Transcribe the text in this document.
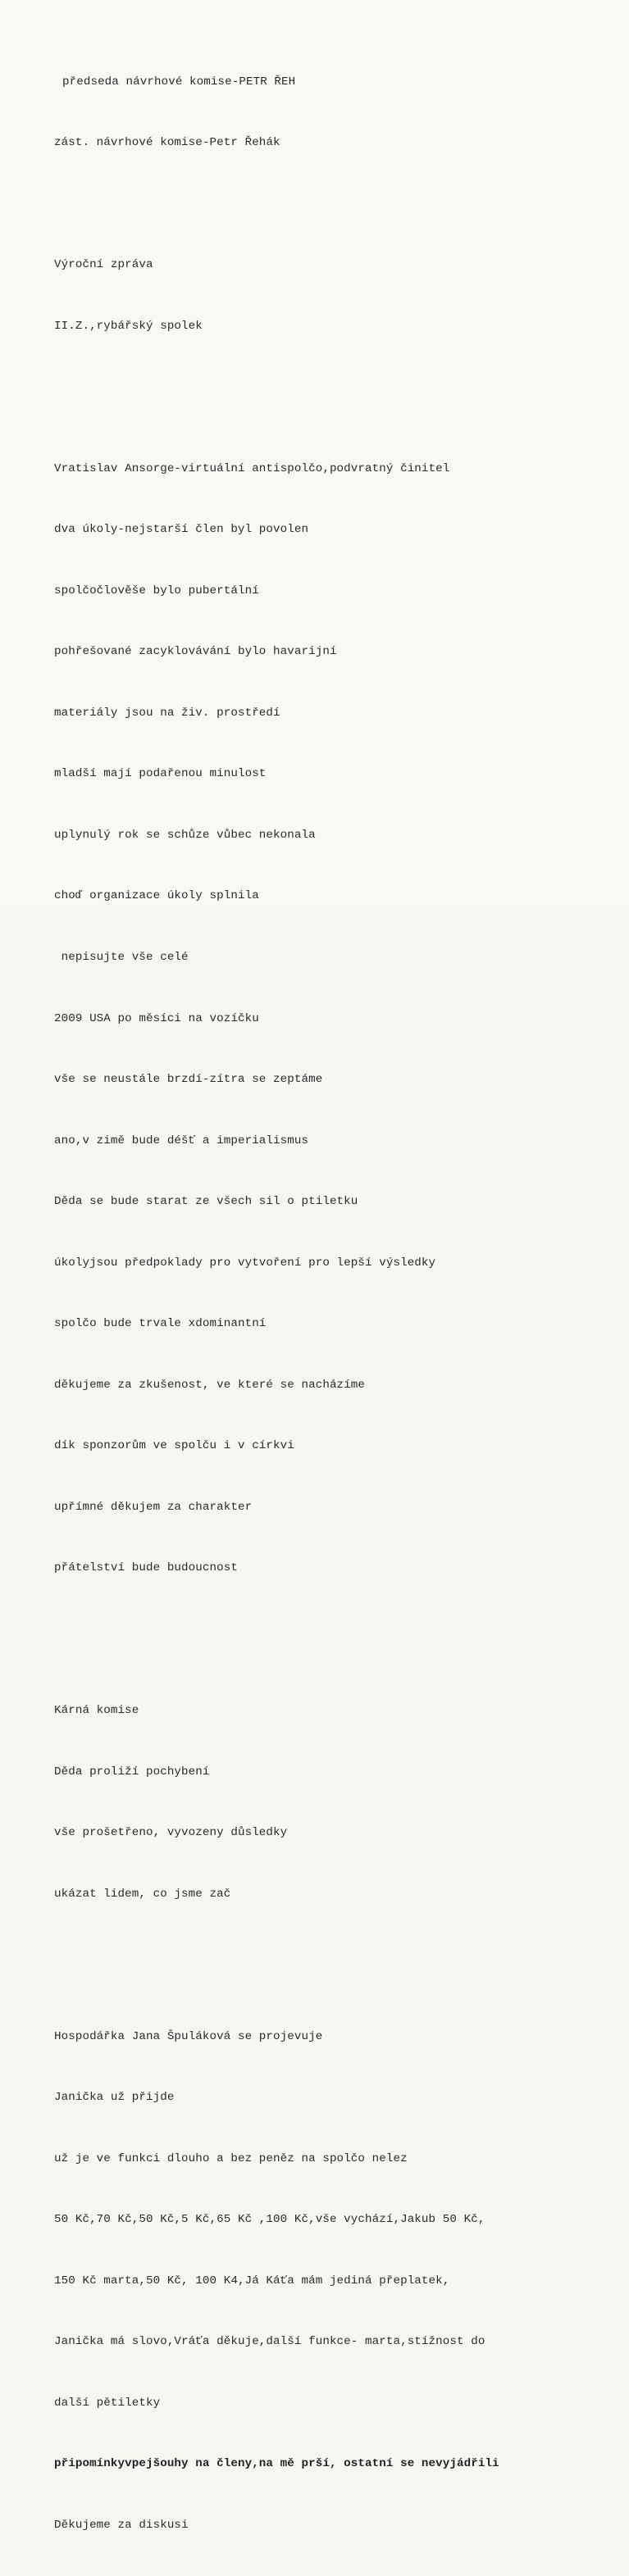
předseda návrhové komise-PETR ŘEH

zást. návrhové komise-Petr Řehák

Výroční zpráva

II.Z.,rybářský spolek

Vratislav Ansorge-virtuální antispolčo,podvratný činitel

dva úkoly-nejstarší člen byl povolen

spolčočlověše bylo pubertální

pohřešované zacyklovávání bylo havarijní

materiály jsou na živ. prostředí

mladší mají podařenou minulost

uplynulý rok se schůze vůbec nekonala

choď organizace úkoly splnila

nepisujte vše celé

2009 USA po měsíci na vozíčku

vše se neustále brzdí-zítra se zeptáme

ano,v zimě bude déšť a imperialismus

Děda se bude starat ze všech sil o ptiletku

úkolyjsou předpoklady pro vytvoření pro lepší výsledky

spolčo bude trvale xdominantní

děkujeme za zkušenost, ve které se nacházíme

dík sponzorům ve spolču i v církvi

upřímné děkujem za charakter

přátelství bude budoucnost

Kárná komise

Děda proliží pochybení

vše prošetřeno, vyvozeny důsledky

ukázat lidem, co jsme zač

Hospodářka Jana Špuláková se projevuje

Janička už přijde

už je ve funkci dlouho a bez peněz na spolčo nelez

50 Kč,70 Kč,50 Kč,5 Kč,65 Kč ,100 Kč,vše vychází,Jakub 50 Kč,

150 Kč marta,50 Kč, 100 K4,Já Káťa mám jediná přeplatek,

Janička má slovo,Vráťa děkuje,další funkce- marta,stížnost do

další pětiletky

připomínkyvpejšouhy na členy,na mě prší, ostatní se nevyjádřili

Děkujeme za diskusi
